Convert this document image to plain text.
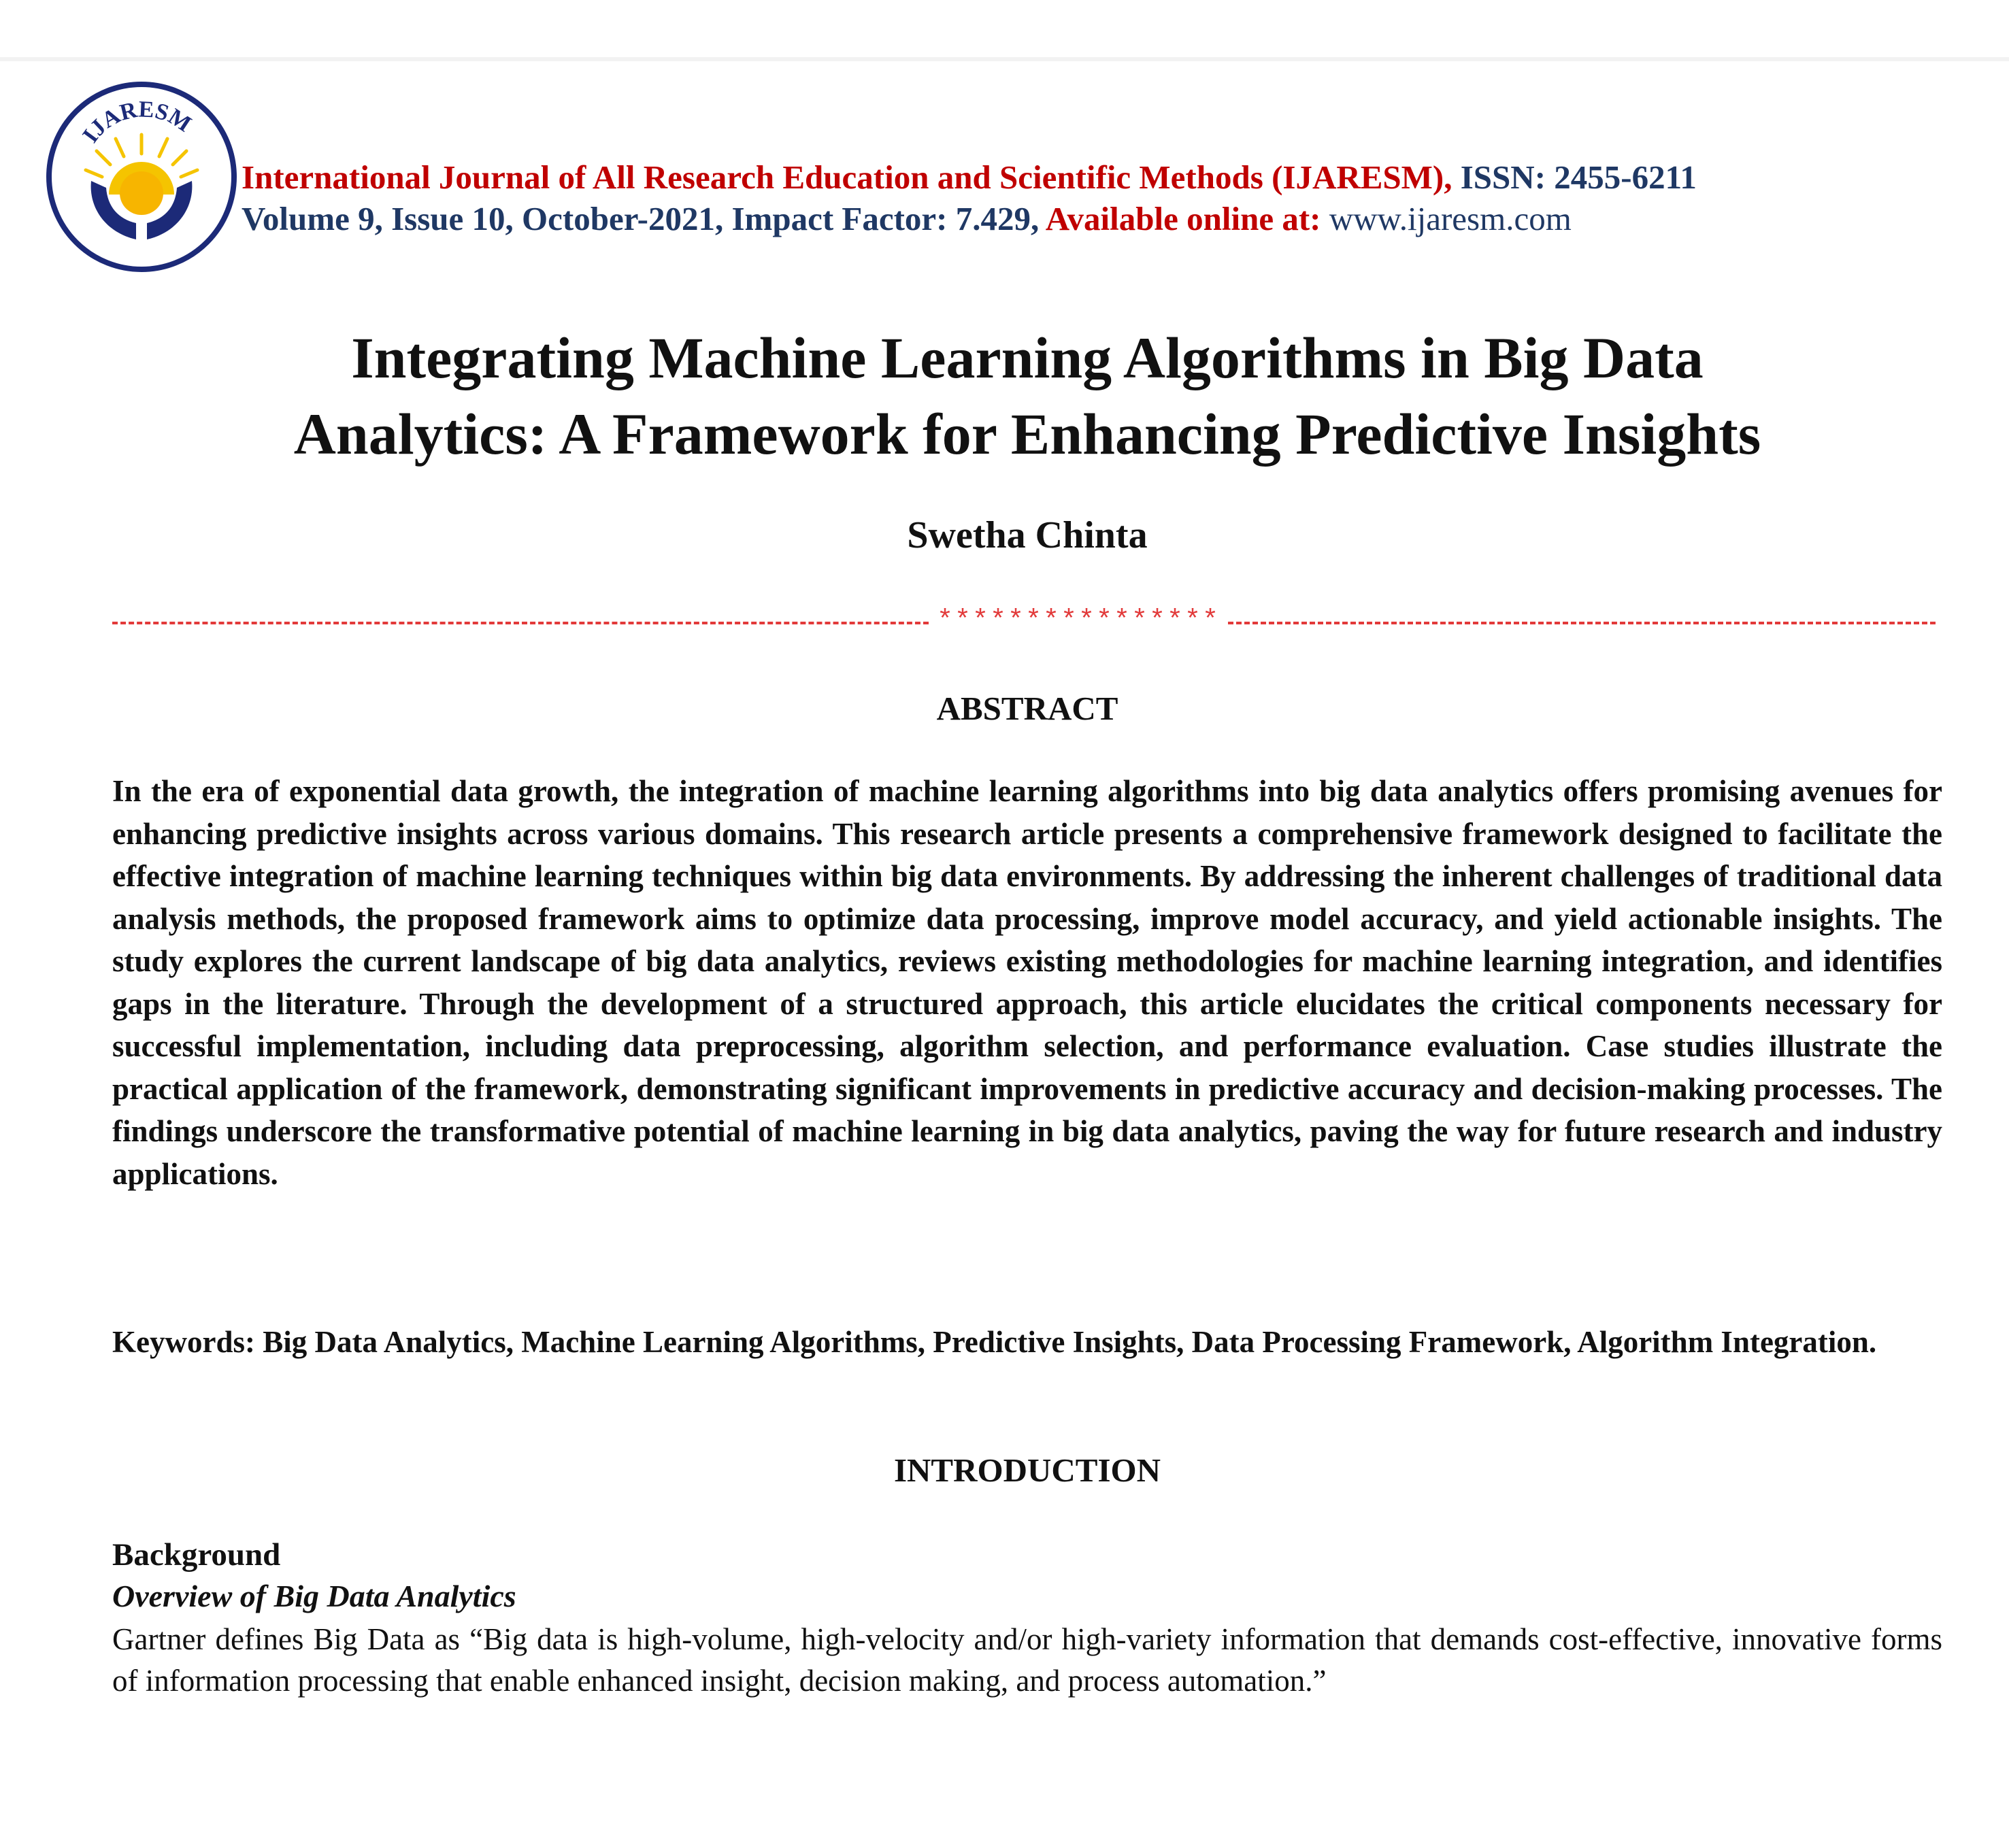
IJARESM
International Journal of All Research Education and Scientific Methods (IJARESM), ISSN: 2455-6211
Volume 9, Issue 10, October-2021, Impact Factor: 7.429, Available online at: www.ijaresm.com
Integrating Machine Learning Algorithms in Big Data
Analytics: A Framework for Enhancing Predictive Insights
Swetha Chinta
****************
ABSTRACT
In the era of exponential data growth, the integration of machine learning algorithms into big data analytics offers promising avenues for enhancing predictive insights across various domains. This research article presents a comprehensive framework designed to facilitate the effective integration of machine learning techniques within big data environments. By addressing the inherent challenges of traditional data analysis methods, the proposed framework aims to optimize data processing, improve model accuracy, and yield actionable insights. The study explores the current landscape of big data analytics, reviews existing methodologies for machine learning integration, and identifies gaps in the literature. Through the development of a structured approach, this article elucidates the critical components necessary for successful implementation, including data preprocessing, algorithm selection, and performance evaluation. Case studies illustrate the practical application of the framework, demonstrating significant improvements in predictive accuracy and decision-making processes. The findings underscore the transformative potential of machine learning in big data analytics, paving the way for future research and industry applications.
Keywords: Big Data Analytics, Machine Learning Algorithms, Predictive Insights, Data Processing Framework, Algorithm Integration.
INTRODUCTION
Background
Overview of Big Data Analytics
Gartner defines Big Data as “Big data is high-volume, high-velocity and/or high-variety information that demands cost-effective, innovative forms of information processing that enable enhanced insight, decision making, and process automation.”
